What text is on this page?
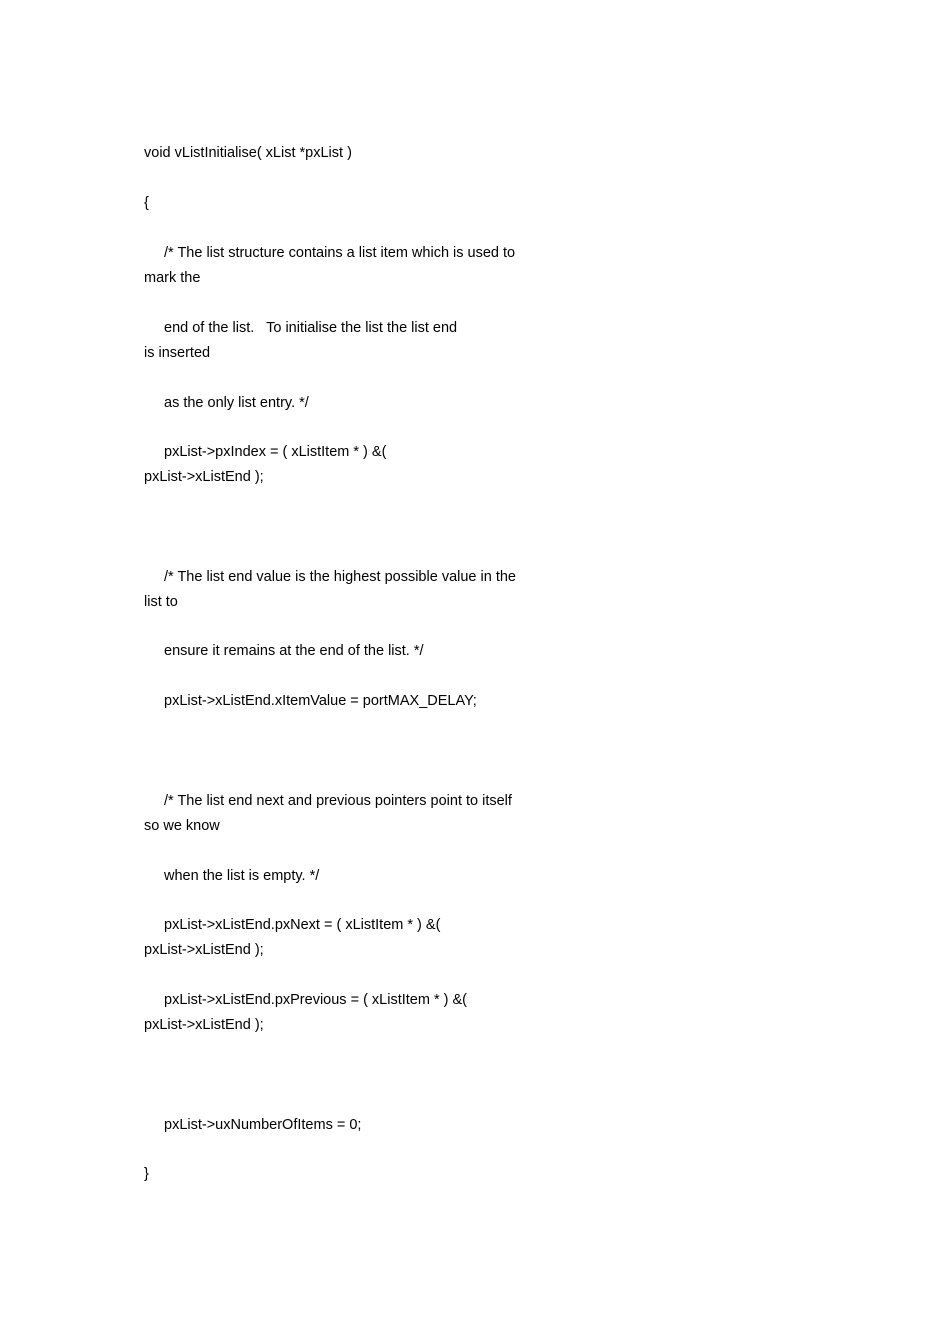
void vListInitialise( xList *pxList )
{
/* The list structure contains a list item which is used to
mark the
end of the list.   To initialise the list the list end
is inserted
as the only list entry. */
pxList->pxIndex = ( xListItem * ) &(
pxList->xListEnd );
/* The list end value is the highest possible value in the
list to
ensure it remains at the end of the list. */
pxList->xListEnd.xItemValue = portMAX_DELAY;
/* The list end next and previous pointers point to itself
so we know
when the list is empty. */
pxList->xListEnd.pxNext = ( xListItem * ) &(
pxList->xListEnd );
pxList->xListEnd.pxPrevious = ( xListItem * ) &(
pxList->xListEnd );
pxList->uxNumberOfItems = 0;
}
